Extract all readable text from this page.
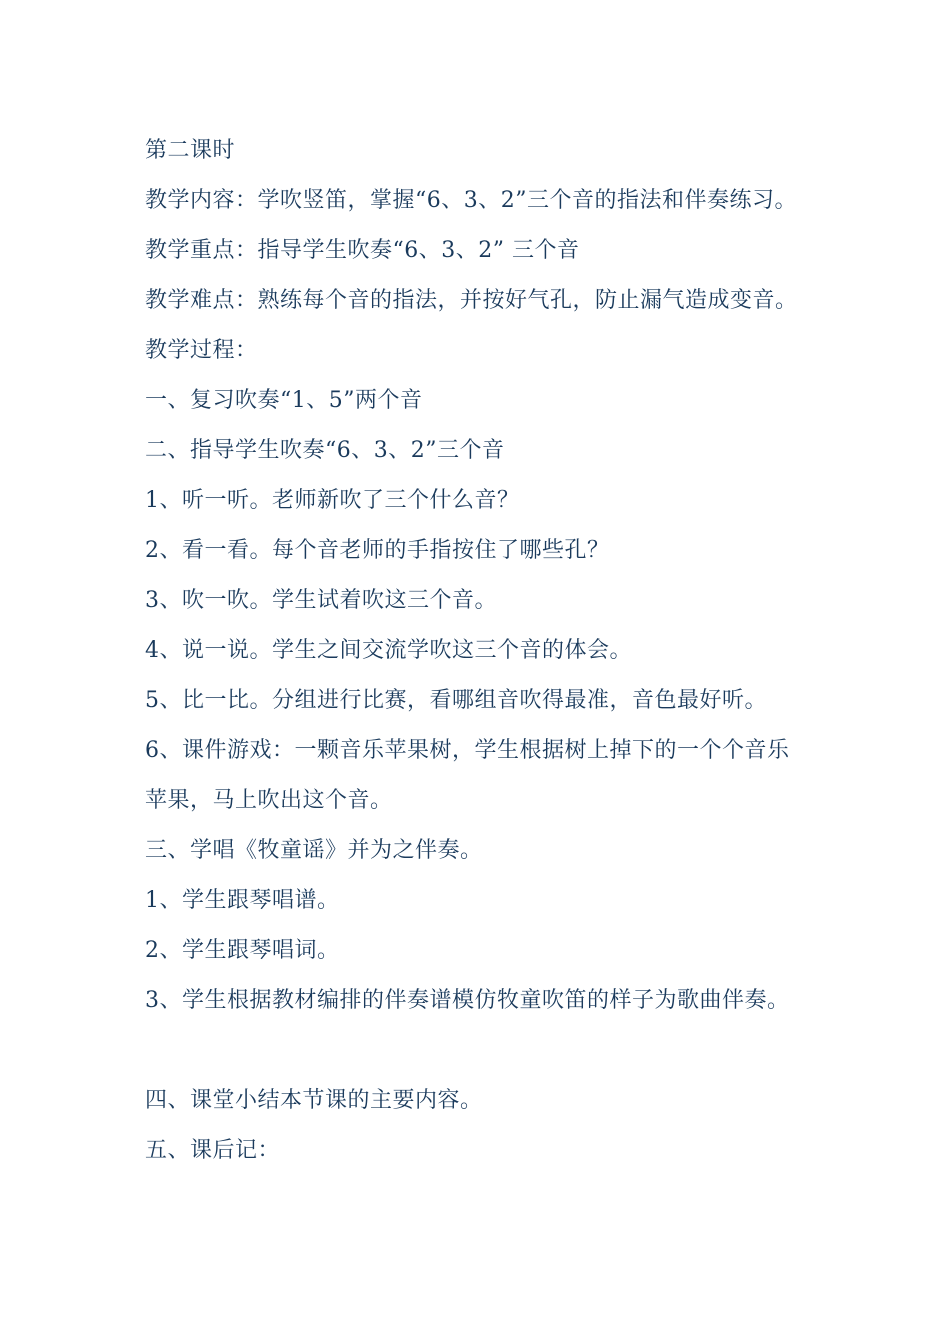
第二课时
教学内容：学吹竖笛，掌握“6、3、2”三个音的指法和伴奏练习。
教学重点：指导学生吹奏“6、3、2” 三个音
教学难点：熟练每个音的指法，并按好气孔，防止漏气造成变音。
教学过程：
一、复习吹奏“1、5”两个音
二、指导学生吹奏“6、3、2”三个音
1、听一听。老师新吹了三个什么音？
2、看一看。每个音老师的手指按住了哪些孔？
3、吹一吹。学生试着吹这三个音。
4、说一说。学生之间交流学吹这三个音的体会。
5、比一比。分组进行比赛，看哪组音吹得最准，音色最好听。
6、课件游戏：一颗音乐苹果树，学生根据树上掉下的一个个音乐
苹果，马上吹出这个音。
三、学唱《牧童谣》并为之伴奏。
1、学生跟琴唱谱。
2、学生跟琴唱词。
3、学生根据教材编排的伴奏谱模仿牧童吹笛的样子为歌曲伴奏。
四、课堂小结本节课的主要内容。
五、课后记：
